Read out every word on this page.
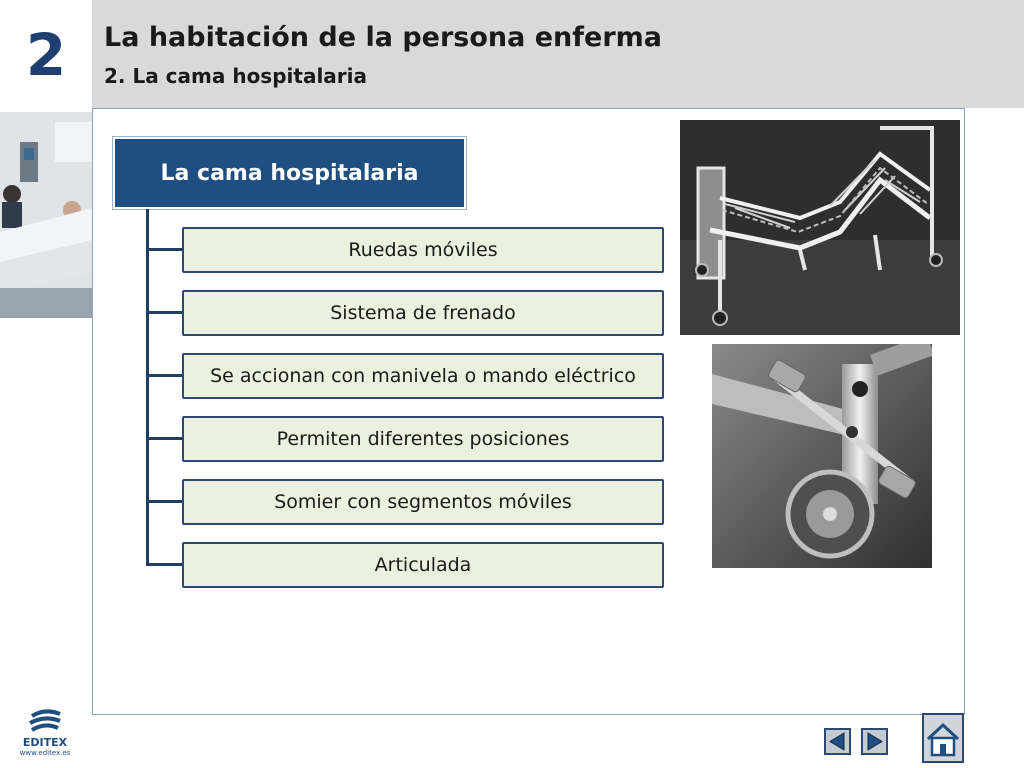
2	La habitación de la persona enferma
2. La cama hospitalaria
La cama hospitalaria
Ruedas móviles
Sistema de frenado
Se accionan con manivela o mando eléctrico
Permiten diferentes posiciones
Somier con segmentos móviles
Articulada
EDITEX
www.editex.es
